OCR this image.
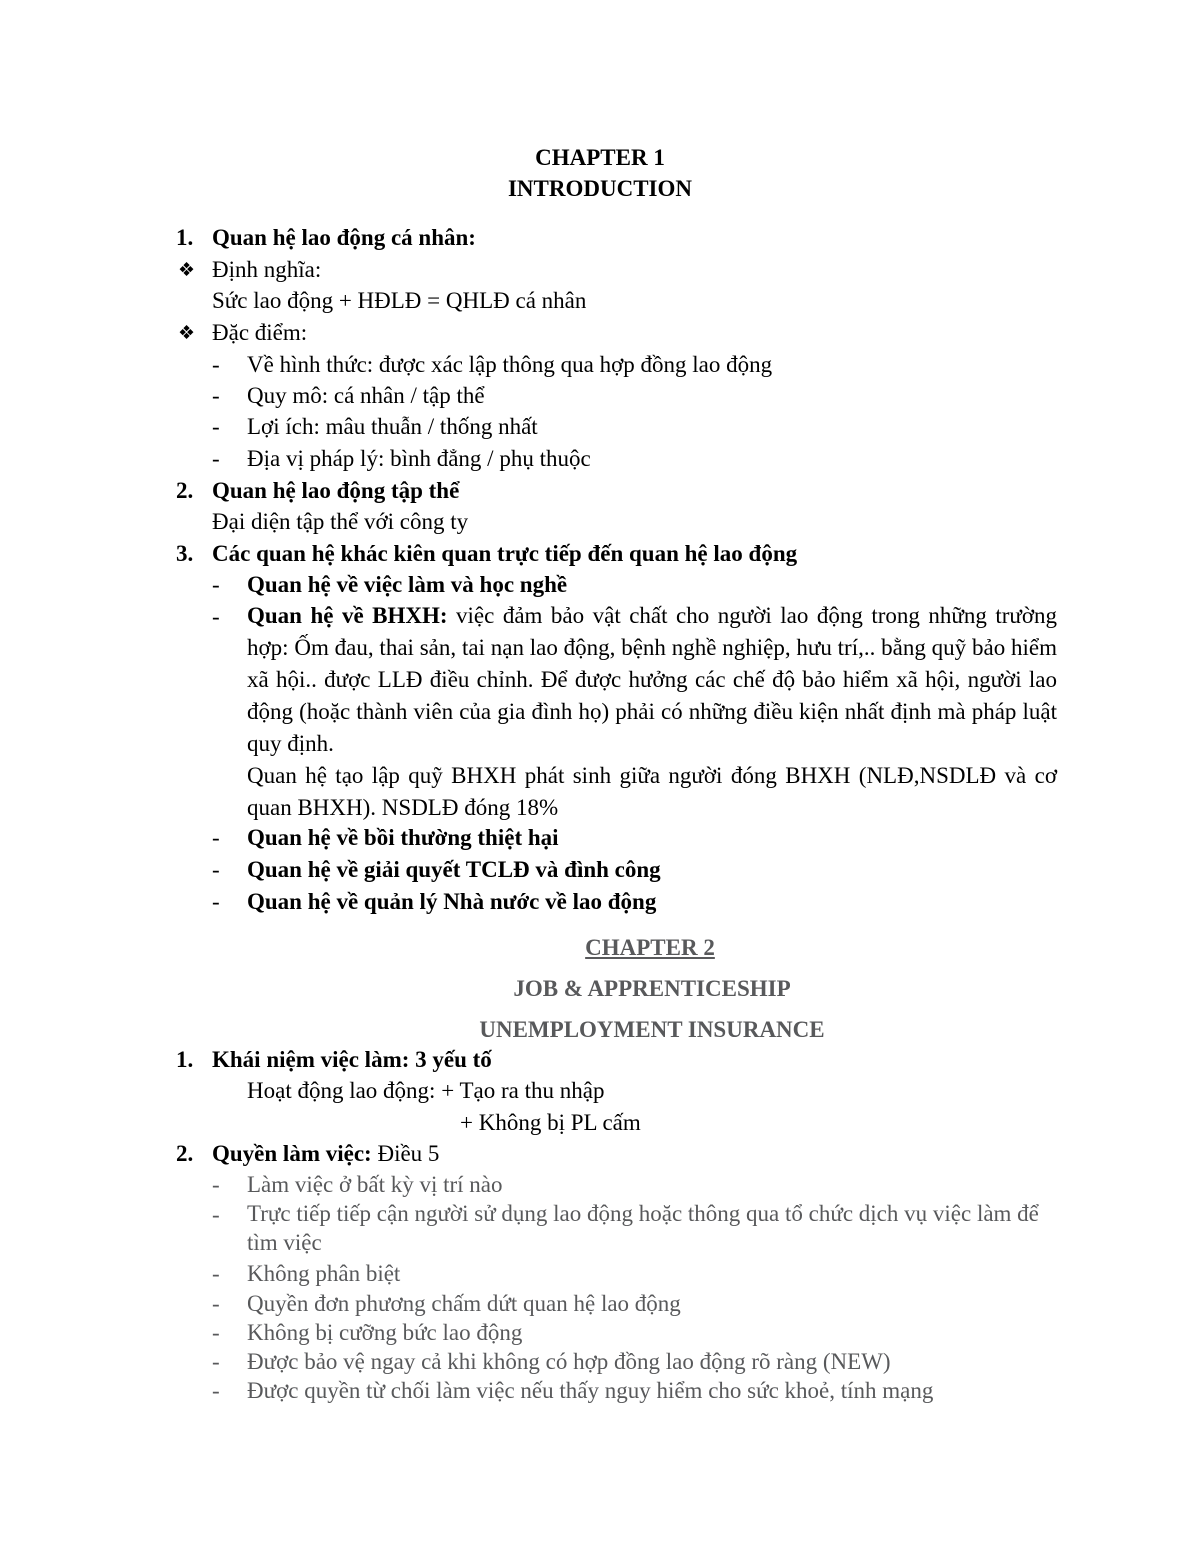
CHAPTER 1
INTRODUCTION
1. Quan hệ lao động cá nhân:
❖ Định nghĩa:
Sức lao động + HĐLĐ = QHLĐ cá nhân
❖ Đặc điểm:
- Về hình thức: được xác lập thông qua hợp đồng lao động
- Quy mô: cá nhân / tập thể
- Lợi ích: mâu thuẫn / thống nhất
- Địa vị pháp lý: bình đẳng / phụ thuộc
2. Quan hệ lao động tập thể
Đại diện tập thể với công ty
3. Các quan hệ khác kiên quan trực tiếp đến quan hệ lao động
- Quan hệ về việc làm và học nghề
- Quan hệ về BHXH: việc đảm bảo vật chất cho người lao động trong những trường hợp: Ốm đau, thai sản, tai nạn lao động, bệnh nghề nghiệp, hưu trí,.. bằng quỹ bảo hiểm xã hội.. được LLĐ điều chỉnh. Để được hưởng các chế độ bảo hiểm xã hội, người lao động (hoặc thành viên của gia đình họ) phải có những điều kiện nhất định mà pháp luật quy định.
Quan hệ tạo lập quỹ BHXH phát sinh giữa người đóng BHXH (NLĐ,NSDLĐ và cơ quan BHXH). NSDLĐ đóng 18%
- Quan hệ về bồi thường thiệt hại
- Quan hệ về giải quyết TCLĐ và đình công
- Quan hệ về quản lý Nhà nước về lao động
CHAPTER 2
JOB & APPRENTICESHIP
UNEMPLOYMENT INSURANCE
1. Khái niệm việc làm: 3 yếu tố
Hoạt động lao động: + Tạo ra thu nhập
+ Không bị PL cấm
2. Quyền làm việc: Điều 5
- Làm việc ở bất kỳ vị trí nào
- Trực tiếp tiếp cận người sử dụng lao động hoặc thông qua tổ chức dịch vụ việc làm để tìm việc
- Không phân biệt
- Quyền đơn phương chấm dứt quan hệ lao động
- Không bị cưỡng bức lao động
- Được bảo vệ ngay cả khi không có hợp đồng lao động rõ ràng (NEW)
- Được quyền từ chối làm việc nếu thấy nguy hiểm cho sức khoẻ, tính mạng
